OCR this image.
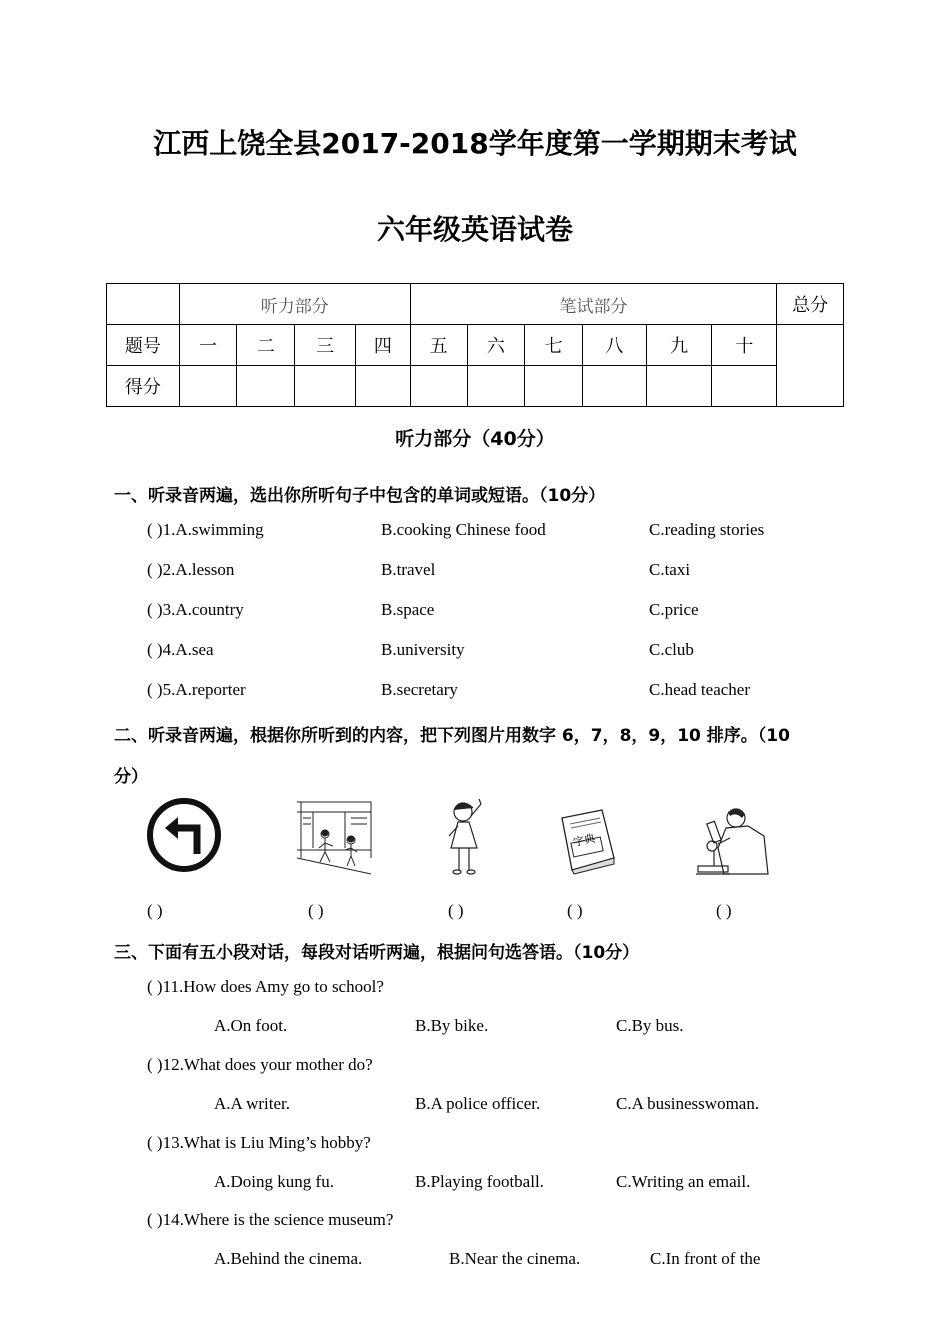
江西上饶全县2017-2018学年度第一学期期末考试
六年级英语试卷
	听力部分				笔试部分						总分
题号	一	二	三	四	五	六	七	八	九	十	
得分											
听力部分（40分）
一、听录音两遍，选出你所听句子中包含的单词或短语。（10分）
( )1.A.swimming	B.cooking Chinese food	C.reading stories
( )2.A.lesson	B.travel	C.taxi
( )3.A.country	B.space	C.price
( )4.A.sea	B.university	C.club
( )5.A.reporter	B.secretary	C.head teacher
二、听录音两遍，根据你所听到的内容，把下列图片用数字 6，7，8，9，10 排序。（10
分）
字典
( )	( )	( )	( )	( )
三、下面有五小段对话，每段对话听两遍，根据问句选答语。（10分）
( )11.How does Amy go to school?
A.On foot.	B.By bike.	C.By bus.
( )12.What does your mother do?
A.A writer.	B.A police officer.	C.A businesswoman.
( )13.What is Liu Ming’s hobby?
A.Doing kung fu.	B.Playing football.	C.Writing an email.
( )14.Where is the science museum?
A.Behind the cinema.	B.Near the cinema.	C.In front of the
